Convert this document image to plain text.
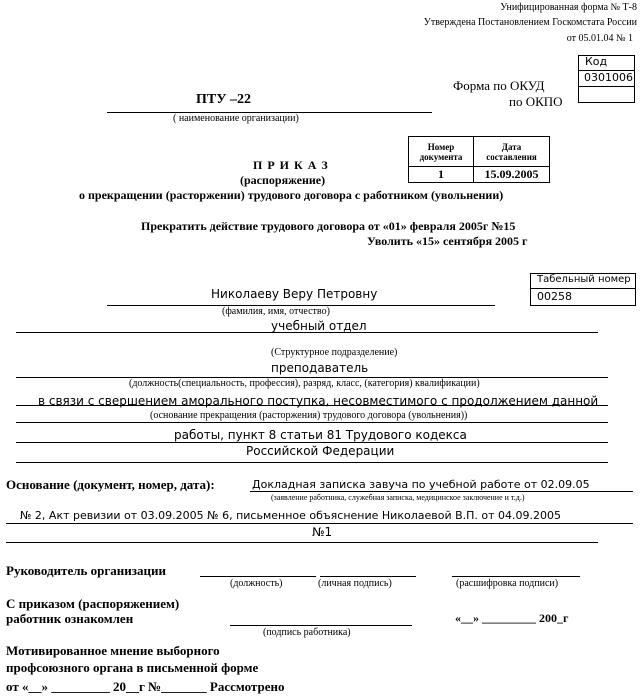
Унифицированная форма № Т-8
Утверждена Постановлением Госкомстата России
от 05.01.04 № 1
Код
0301006
Форма по ОКУД
по ОКПО
ПТУ –22
( наименование организации)
Номер документа	Дата составления
1	15.09.2005
П Р И К А З
(распоряжение)
о прекращении (расторжении) трудового договора с работником (увольнении)
Прекратить действие трудового договора от «01» февраля 2005г №15
Уволить «15» сентября 2005 г
Табельный номер
00258
Николаеву Веру Петровну
(фамилия, имя, отчество)
учебный отдел
(Структурное подразделение)
преподаватель
(должность(специальность, профессия), разряд, класс, (категория) квалификации)
в связи с свершением аморального поступка, несовместимого с продолжением данной
(основание прекращения (расторжения) трудового договора (увольнения))
работы, пункт 8 статьи 81 Трудового кодекса
Российской Федерации
Основание (документ, номер, дата):	Докладная записка завуча по учебной работе от 02.09.05
(заявление работника, служебная записка, медицинское заключение и т.д.)
№ 2, Акт ревизии от 03.09.2005 № 6, письменное объяснение Николаевой В.П. от 04.09.2005
№1
Руководитель организации
(должность)	(личная подпись)	(расшифровка подписи)
С приказом (распоряжением)
работник ознакомлен
(подпись работника)
«__» _________ 200_г
Мотивированное мнение выборного
профсоюзного органа в письменной форме
от «__» _________ 20__г №_______ Рассмотрено
